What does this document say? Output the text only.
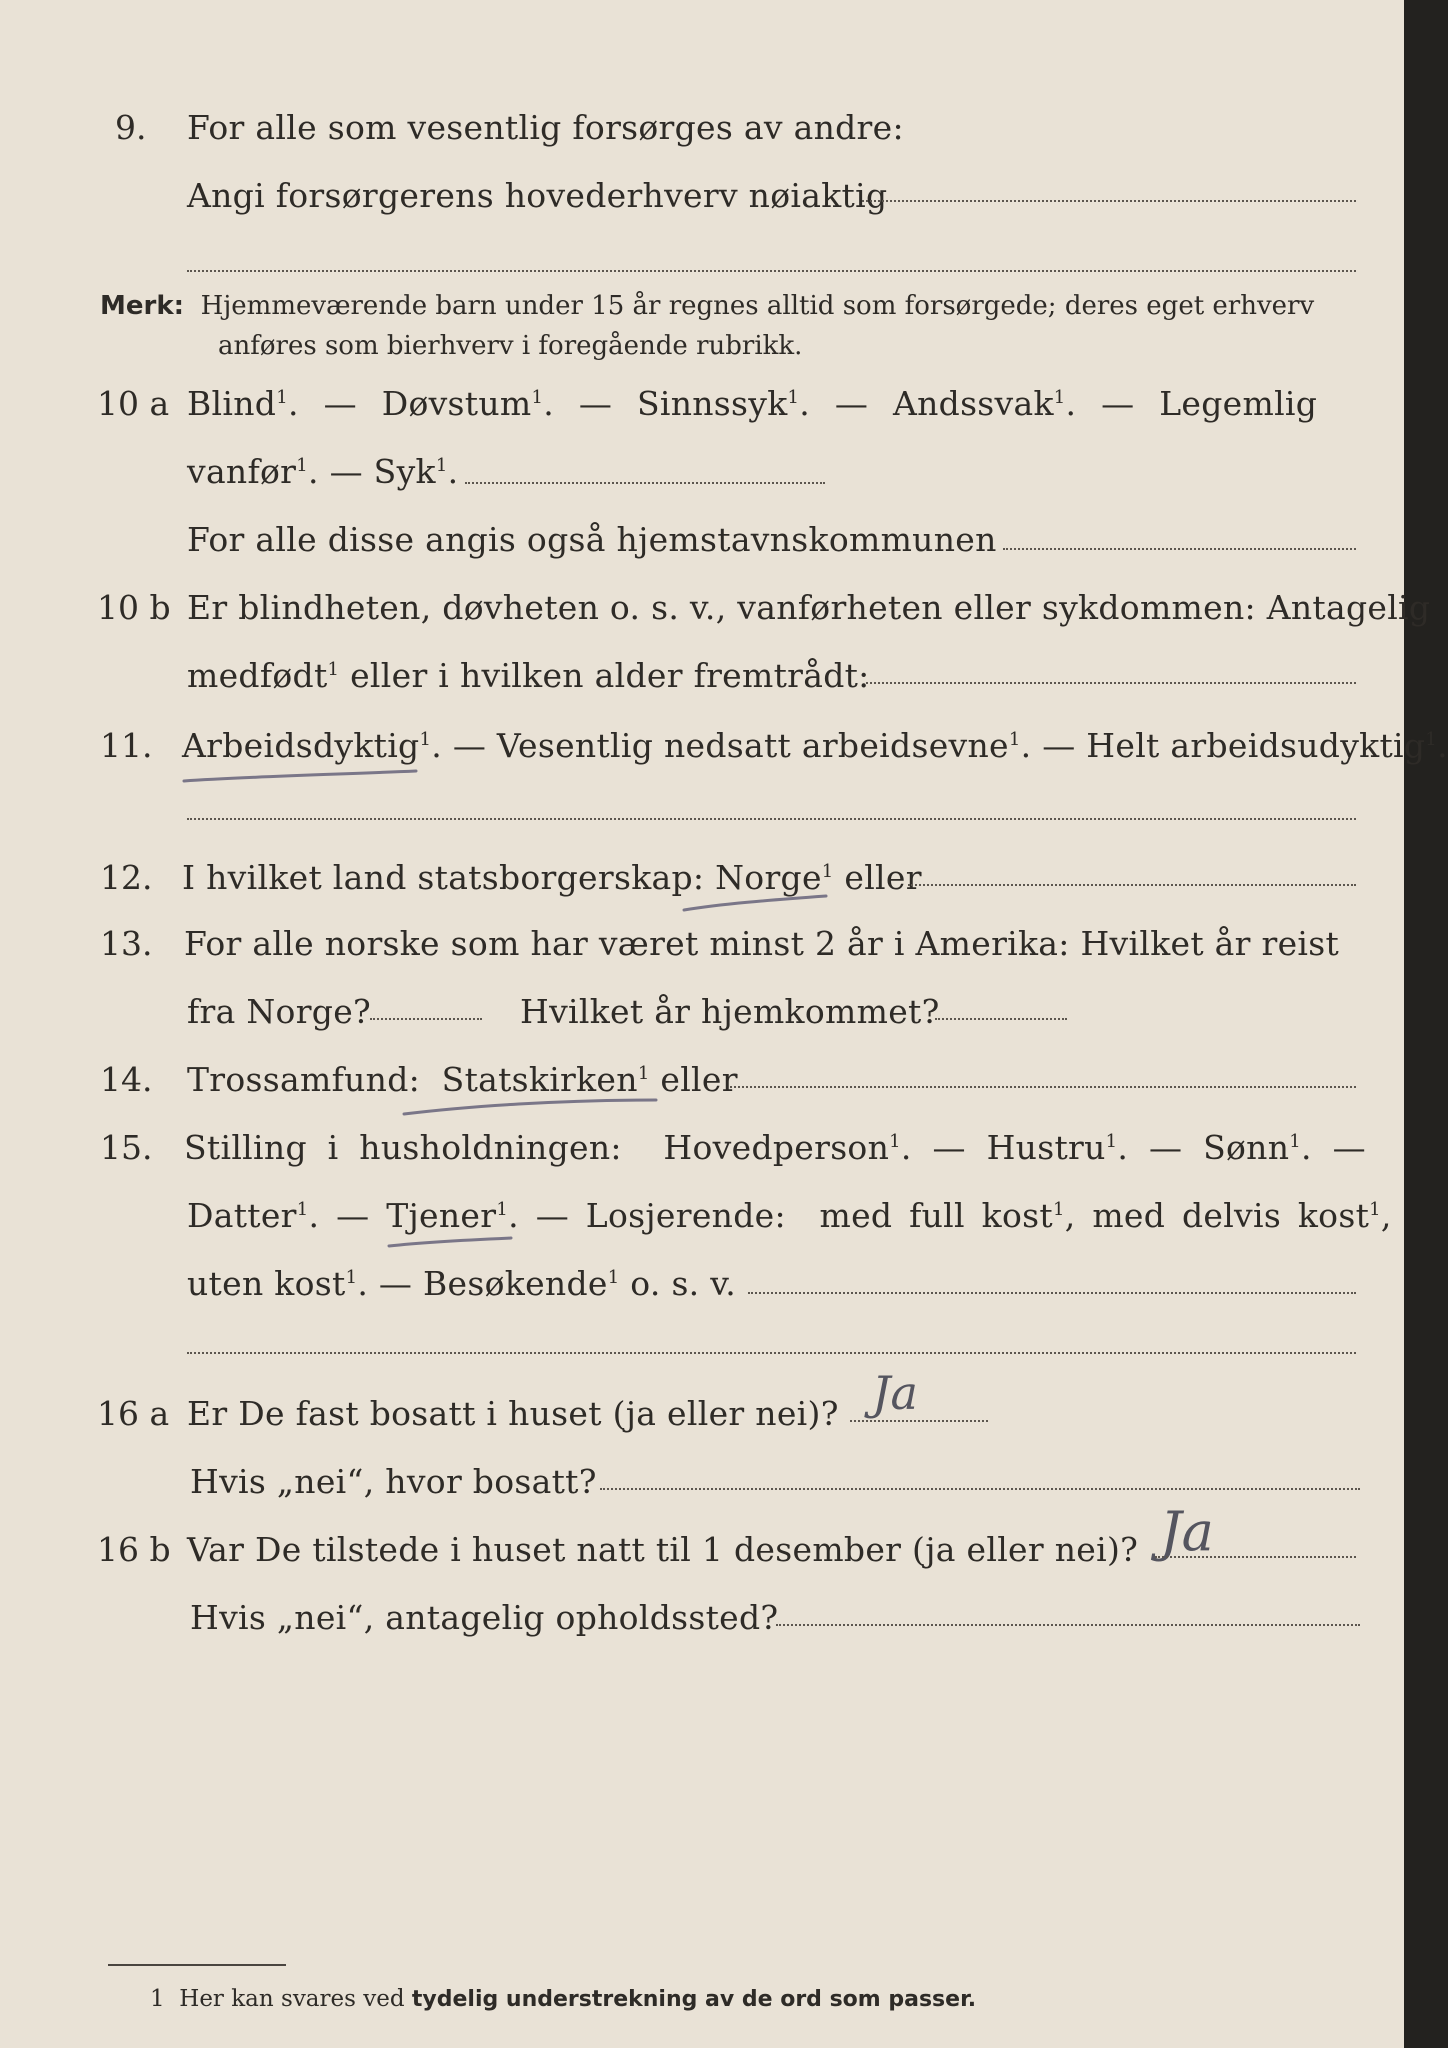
9. For alle som vesentlig forsørges av andre:
Angi forsørgerens hovederhverv nøiaktig
Merk: Hjemmeværende barn under 15 år regnes alltid som forsørgede; deres eget erhverv
anføres som bierhverv i foregående rubrikk.
10 a Blind$^1$. — Døvstum$^1$. — Sinnssyk$^1$. — Andssvak$^1$. — Legemlig
vanfør$^1$. — Syk$^1$.
For alle disse angis også hjemstavnskommunen
10 b Er blindheten, døvheten o. s. v., vanførheten eller sykdommen: Antagelig
medfødt$^1$ eller i hvilken alder fremtrådt:
11. Arbeidsdyktig$^1$. — Vesentlig nedsatt arbeidsevne$^1$. — Helt arbeidsudyktig$^1$.
12. I hvilket land statsborgerskap: Norge$^1$ eller
13. For alle norske som har været minst 2 år i Amerika: Hvilket år reist
fra Norge?	Hvilket år hjemkommet?
14. Trossamfund: Statskirken$^1$ eller
15. Stilling i husholdningen: Hovedperson$^1$. — Hustru$^1$. — Sønn$^1$. —
Datter$^1$. — Tjener$^1$. — Losjerende: med full kost$^1$, med delvis kost$^1$,
uten kost$^1$. — Besøkende$^1$ o. s. v.
16 a Er De fast bosatt i huset (ja eller nei)? Ja
Hvis „nei“, hvor bosatt?
16 b Var De tilstede i huset natt til 1 desember (ja eller nei)? Ja
Hvis „nei“, antagelig opholdssted?
1 Her kan svares ved tydelig understrekning av de ord som passer.
